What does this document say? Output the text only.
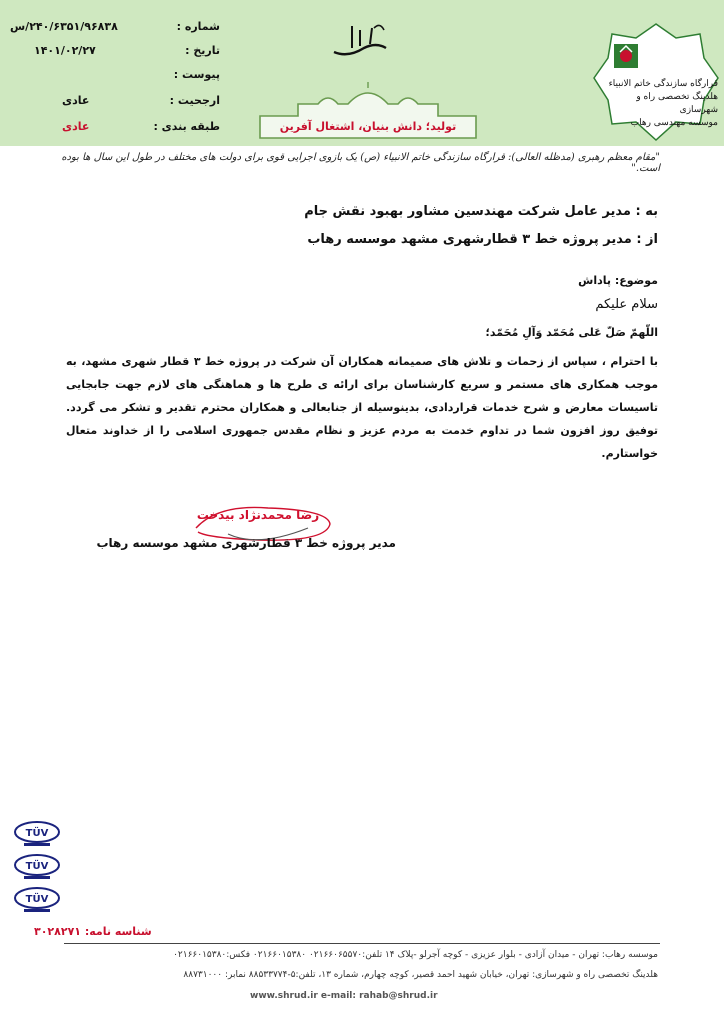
شماره :
۲۴۰/۶۳۵۱/۹۶۸۳۸/س
تاریخ :
۱۴۰۱/۰۲/۲۷
پیوست :
ارجحیت :
عادی
طبقه بندی :
عادی	تولید؛ دانش بنیان، اشتغال آفرین
قرارگاه سازندگی خاتم الانبیاء
هلدینگ تخصصی راه و شهرسازی
موسسه مهندسی رهاب
"مقام معظم رهبری (مدظله العالی): قرارگاه سازندگی خاتم الانبیاء (ص) یک بازوی اجرایی قوی برای دولت های مختلف در طول این سال ها بوده است."
به : مدیر عامل شرکت مهندسین مشاور بهبود نقش جام
از : مدیر پروژه خط ۳ قطارشهری مشهد موسسه رهاب
موضوع: پاداش
سلام علیکم
اللّهمّ صَلّ عَلی مُحَمّد وَآلِ مُحَمّد؛
با احترام ، سپاس از زحمات و تلاش های صمیمانه همکاران آن شرکت در پروژه خط ۳ قطار شهری مشهد، به موجب همکاری های مستمر و سریع کارشناسان برای ارائه ی طرح ها و هماهنگی های لازم جهت جابجایی تاسیسات معارض و شرح خدمات قراردادی، بدینوسیله از جنابعالی و همکاران محترم تقدیر و تشکر می گردد. توفیق روز افزون شما در تداوم خدمت به مردم عزیز و نظام مقدس جمهوری اسلامی را از خداوند متعال خواستارم.
رضا محمدنژاد بیدخت
مدیر پروژه خط ۳ قطارشهری مشهد موسسه رهاب
TÜV
TÜV
TÜV
شناسه نامه: ۳۰۲۸۲۷۱
موسسه رهاب: تهران - میدان آزادی - بلوار عزیزی - کوچه آجرلو -پلاک ۱۴ تلفن:۰۲۱۶۶۰۶۵۵۷۰ ۰۲۱۶۶۰۱۵۳۸۰ فکس:۰۲۱۶۶۰۱۵۳۸۰
هلدینگ تخصصی راه و شهرسازی: تهران، خیابان شهید احمد قصیر، کوچه چهارم، شماره ۱۳، تلفن:۵-۸۸۵۳۳۷۷۴ نمابر: ۸۸۷۳۱۰۰۰
www.shrud.ir e-mail: rahab@shrud.ir
